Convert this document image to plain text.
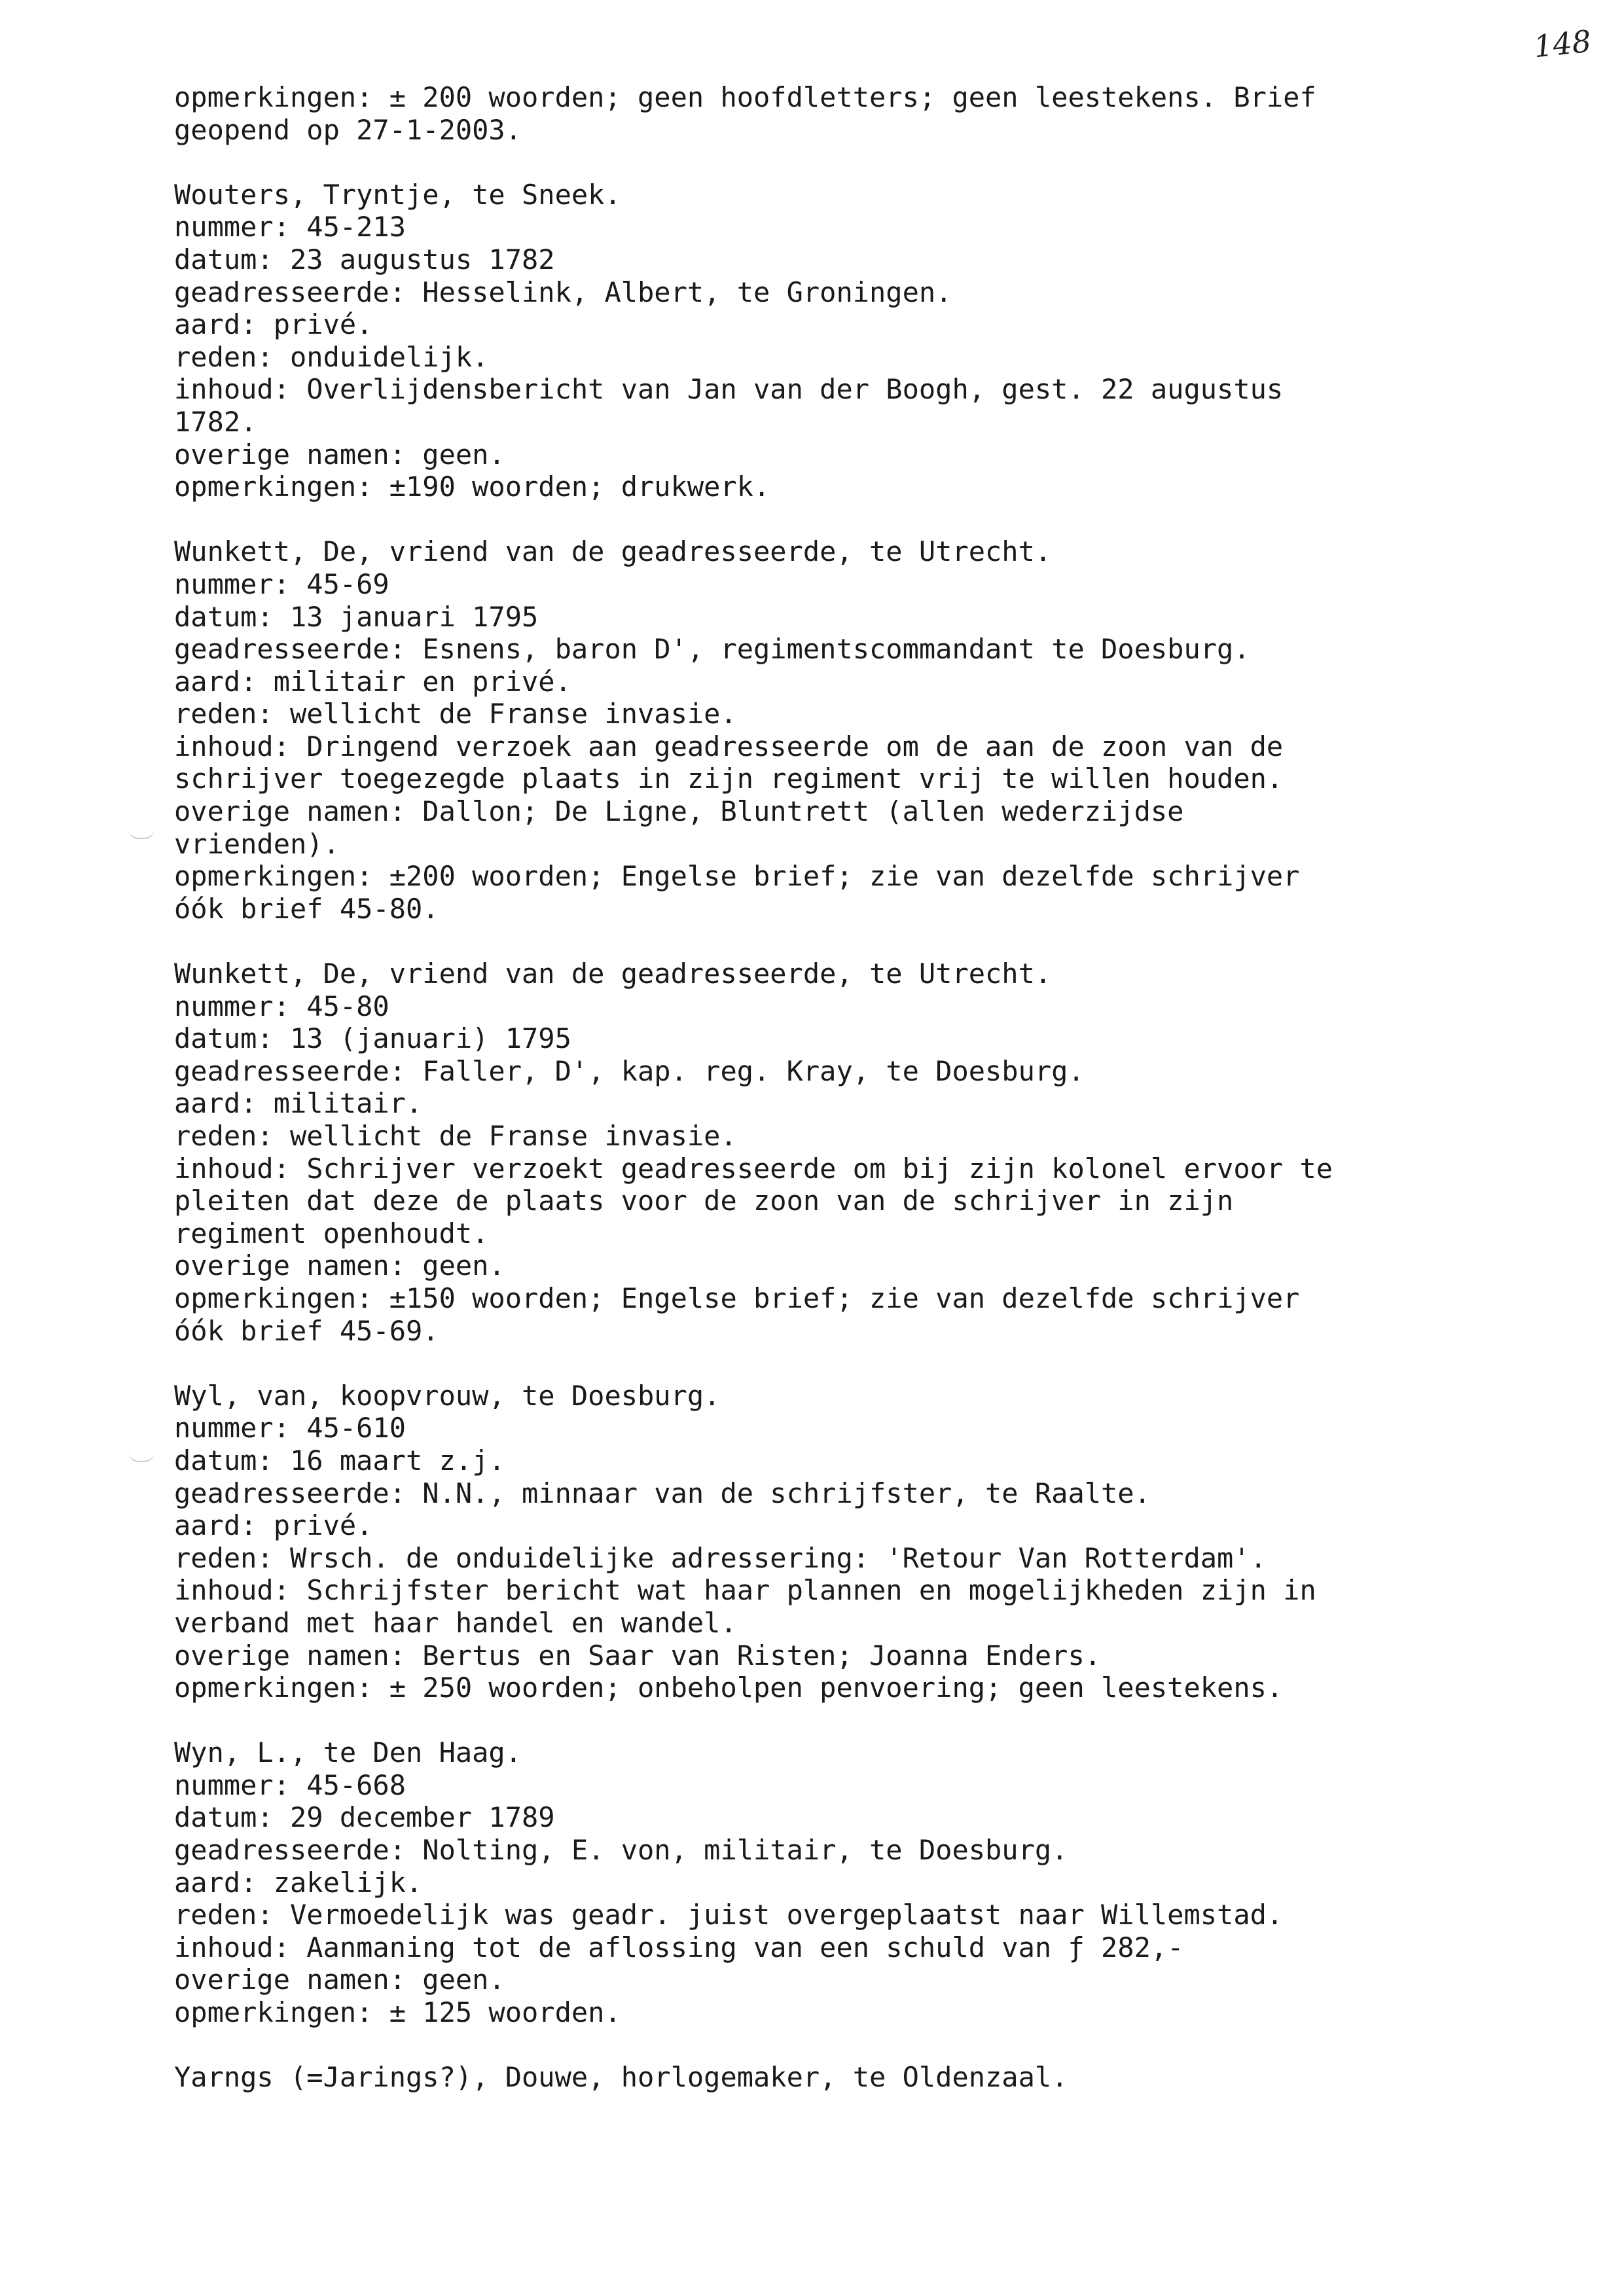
148
opmerkingen: ± 200 woorden; geen hoofdletters; geen leestekens. Brief
geopend op 27-1-2003.
Wouters, Tryntje, te Sneek.
nummer: 45-213
datum: 23 augustus 1782
geadresseerde: Hesselink, Albert, te Groningen.
aard: privé.
reden: onduidelijk.
inhoud: Overlijdensbericht van Jan van der Boogh, gest. 22 augustus
1782.
overige namen: geen.
opmerkingen: ±190 woorden; drukwerk.
Wunkett, De, vriend van de geadresseerde, te Utrecht.
nummer: 45-69
datum: 13 januari 1795
geadresseerde: Esnens, baron D', regimentscommandant te Doesburg.
aard: militair en privé.
reden: wellicht de Franse invasie.
inhoud: Dringend verzoek aan geadresseerde om de aan de zoon van de
schrijver toegezegde plaats in zijn regiment vrij te willen houden.
overige namen: Dallon; De Ligne, Bluntrett (allen wederzijdse
vrienden).
opmerkingen: ±200 woorden; Engelse brief; zie van dezelfde schrijver
óók brief 45-80.
Wunkett, De, vriend van de geadresseerde, te Utrecht.
nummer: 45-80
datum: 13 (januari) 1795
geadresseerde: Faller, D', kap. reg. Kray, te Doesburg.
aard: militair.
reden: wellicht de Franse invasie.
inhoud: Schrijver verzoekt geadresseerde om bij zijn kolonel ervoor te
pleiten dat deze de plaats voor de zoon van de schrijver in zijn
regiment openhoudt.
overige namen: geen.
opmerkingen: ±150 woorden; Engelse brief; zie van dezelfde schrijver
óók brief 45-69.
Wyl, van, koopvrouw, te Doesburg.
nummer: 45-610
datum: 16 maart z.j.
geadresseerde: N.N., minnaar van de schrijfster, te Raalte.
aard: privé.
reden: Wrsch. de onduidelijke adressering: 'Retour Van Rotterdam'.
inhoud: Schrijfster bericht wat haar plannen en mogelijkheden zijn in
verband met haar handel en wandel.
overige namen: Bertus en Saar van Risten; Joanna Enders.
opmerkingen: ± 250 woorden; onbeholpen penvoering; geen leestekens.
Wyn, L., te Den Haag.
nummer: 45-668
datum: 29 december 1789
geadresseerde: Nolting, E. von, militair, te Doesburg.
aard: zakelijk.
reden: Vermoedelijk was geadr. juist overgeplaatst naar Willemstad.
inhoud: Aanmaning tot de aflossing van een schuld van ƒ 282,-
overige namen: geen.
opmerkingen: ± 125 woorden.
Yarngs (=Jarings?), Douwe, horlogemaker, te Oldenzaal.
